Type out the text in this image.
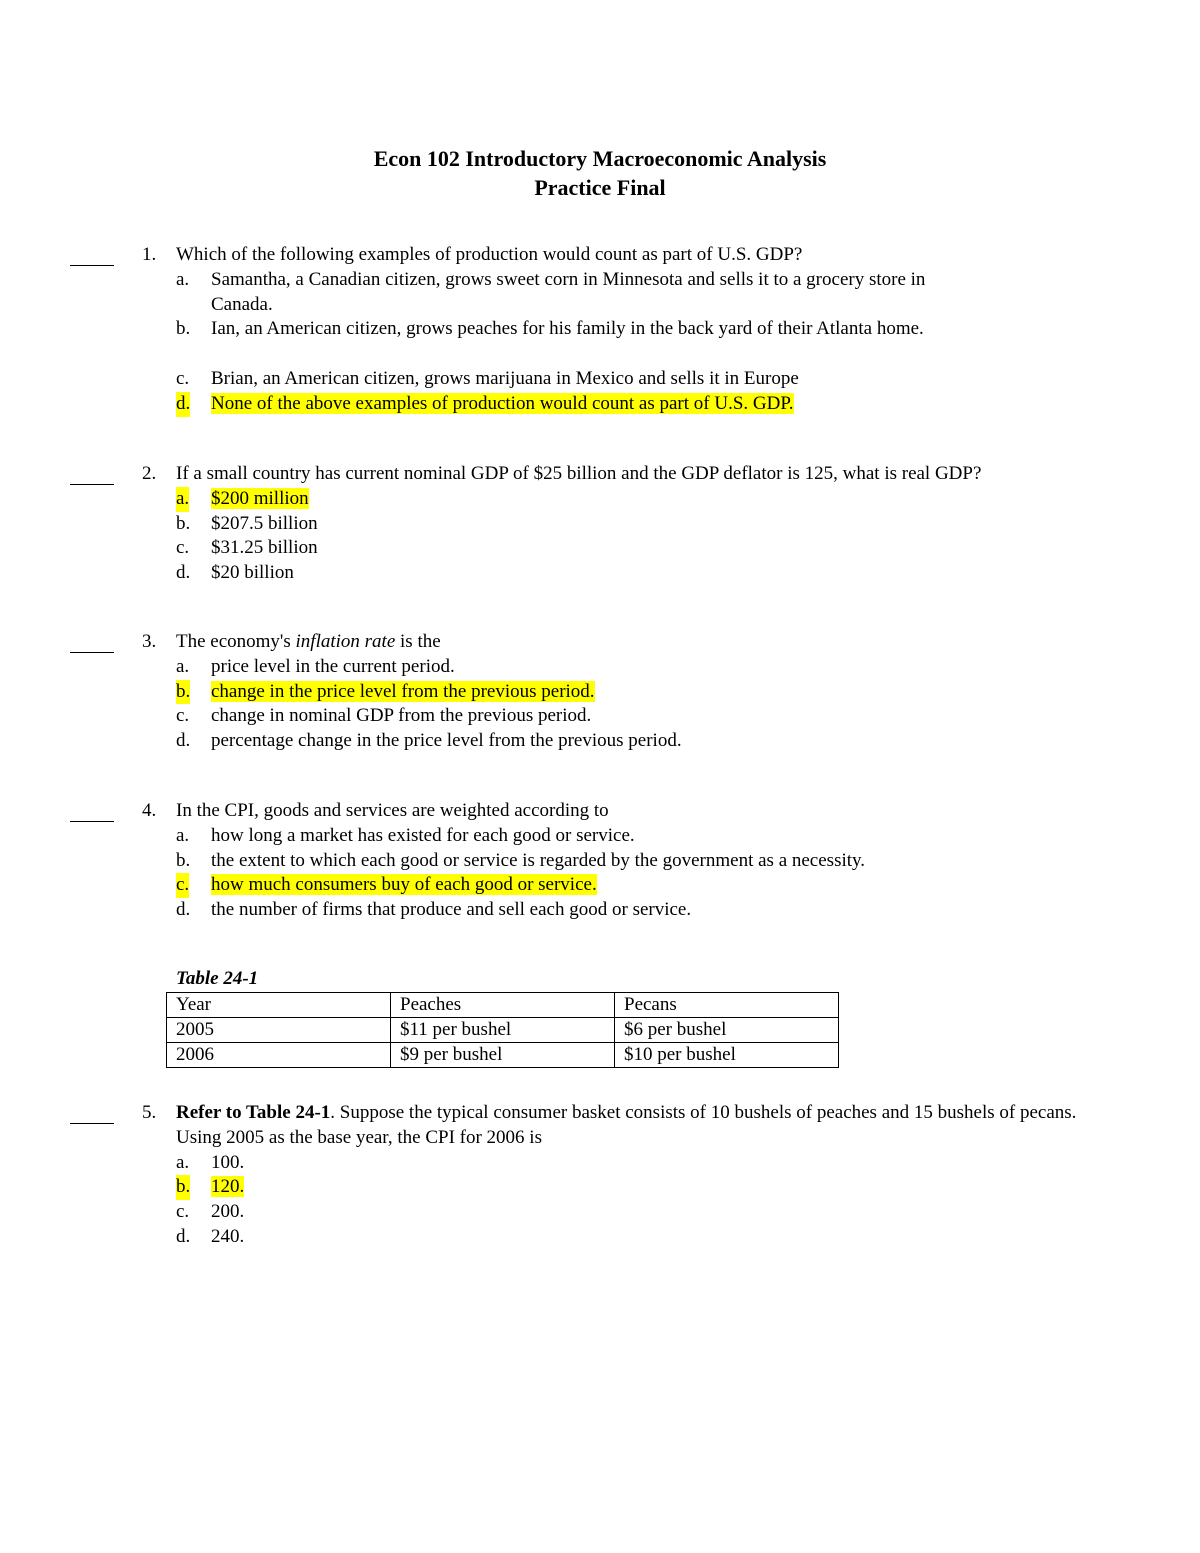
Econ 102 Introductory Macroeconomic Analysis
Practice Final
1. Which of the following examples of production would count as part of U.S. GDP?
a. Samantha, a Canadian citizen, grows sweet corn in Minnesota and sells it to a grocery store in Canada.
b. Ian, an American citizen, grows peaches for his family in the back yard of their Atlanta home.
c. Brian, an American citizen, grows marijuana in Mexico and sells it in Europe
d. None of the above examples of production would count as part of U.S. GDP.
2. If a small country has current nominal GDP of $25 billion and the GDP deflator is 125, what is real GDP?
a. $200 million
b. $207.5 billion
c. $31.25 billion
d. $20 billion
3. The economy's inflation rate is the
a. price level in the current period.
b. change in the price level from the previous period.
c. change in nominal GDP from the previous period.
d. percentage change in the price level from the previous period.
4. In the CPI, goods and services are weighted according to
a. how long a market has existed for each good or service.
b. the extent to which each good or service is regarded by the government as a necessity.
c. how much consumers buy of each good or service.
d. the number of firms that produce and sell each good or service.
Table 24-1
Year	Peaches	Pecans
2005	$11 per bushel	$6 per bushel
2006	$9 per bushel	$10 per bushel
5. Refer to Table 24-1. Suppose the typical consumer basket consists of 10 bushels of peaches and 15 bushels of pecans. Using 2005 as the base year, the CPI for 2006 is
a. 100.
b. 120.
c. 200.
d. 240.
